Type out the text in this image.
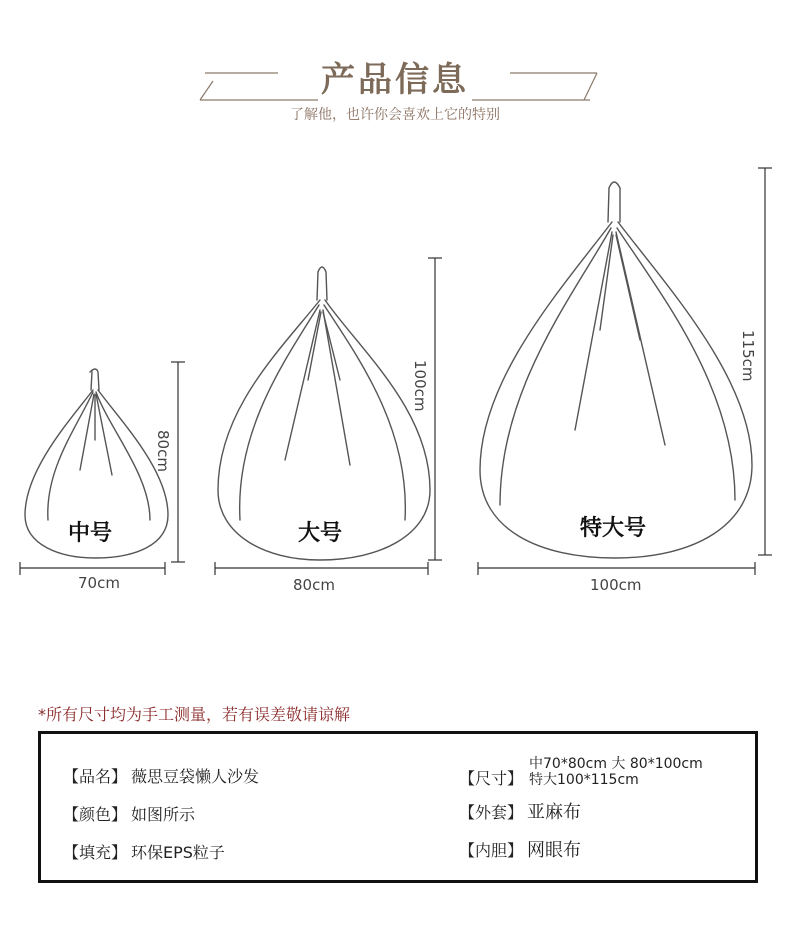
产品信息
了解他，也许你会喜欢上它的特别
中号	大号	特大号
70cm	80cm	100cm
80cm
100cm
115cm
*所有尺寸均为手工测量，若有误差敬请谅解
【品名】 薇思豆袋懒人沙发
【颜色】 如图所示
【填充】 环保EPS粒子
【尺寸】
中70*80cm 大 80*100cm
特大100*115cm
【外套】 亚麻布
【内胆】 网眼布
